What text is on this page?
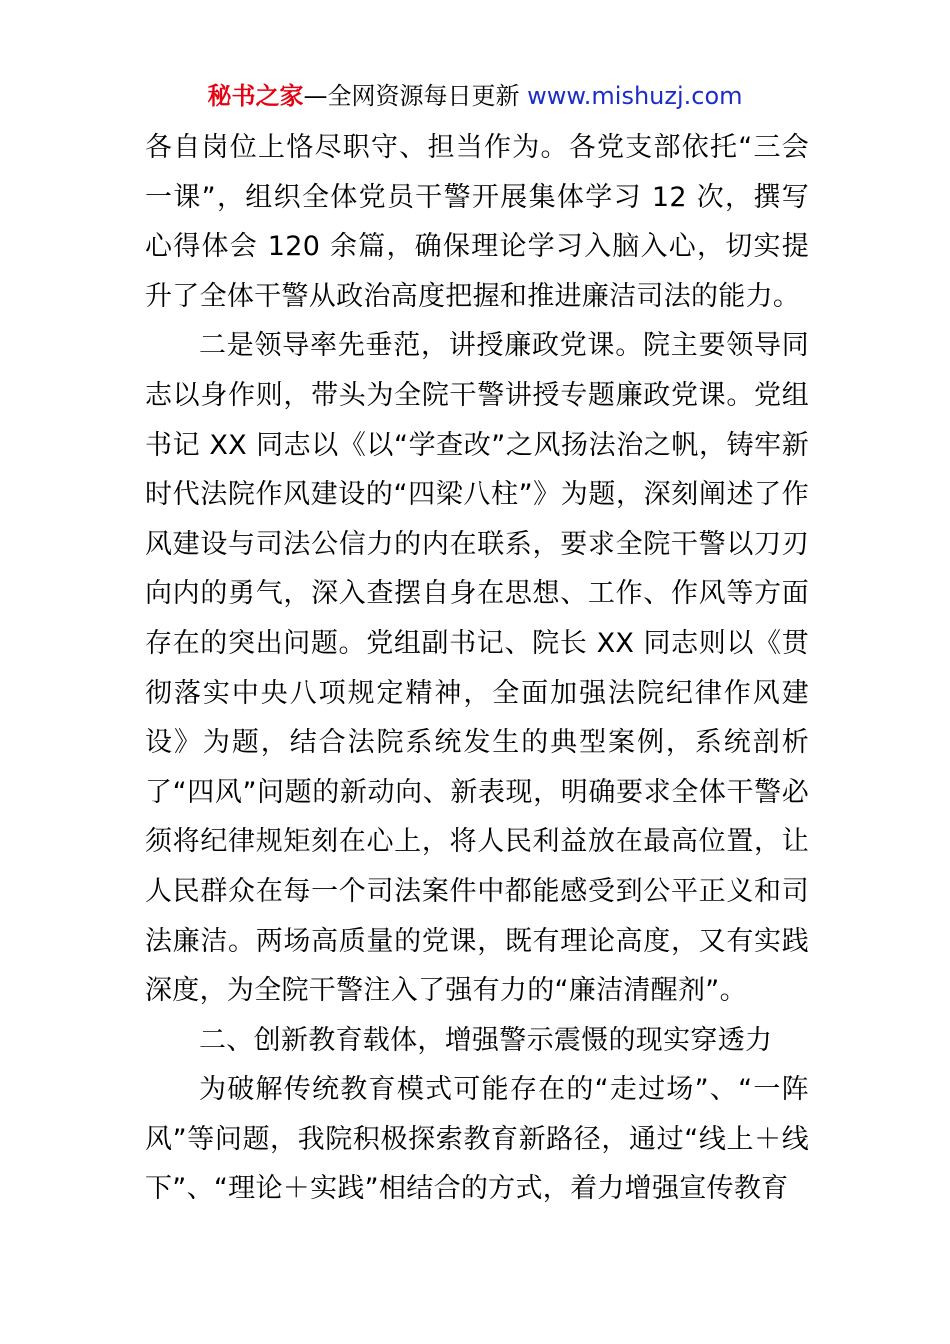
秘书之家—全网资源每日更新 www.mishuzj.com

各自岗位上恪尽职守、担当作为。各党支部依托“三会一课”，组织全体党员干警开展集体学习 12 次，撰写心得体会 120 余篇，确保理论学习入脑入心，切实提升了全体干警从政治高度把握和推进廉洁司法的能力。

二是领导率先垂范，讲授廉政党课。院主要领导同志以身作则，带头为全院干警讲授专题廉政党课。党组书记 XX 同志以《以“学查改”之风扬法治之帆，铸牢新时代法院作风建设的“四梁八柱”》为题，深刻阐述了作风建设与司法公信力的内在联系，要求全院干警以刀刃向内的勇气，深入查摆自身在思想、工作、作风等方面存在的突出问题。党组副书记、院长 XX 同志则以《贯彻落实中央八项规定精神，全面加强法院纪律作风建设》为题，结合法院系统发生的典型案例，系统剖析了“四风”问题的新动向、新表现，明确要求全体干警必须将纪律规矩刻在心上，将人民利益放在最高位置，让人民群众在每一个司法案件中都能感受到公平正义和司法廉洁。两场高质量的党课，既有理论高度，又有实践深度，为全院干警注入了强有力的“廉洁清醒剂”。

二、创新教育载体，增强警示震慑的现实穿透力

为破解传统教育模式可能存在的“走过场”、“一阵风”等问题，我院积极探索教育新路径，通过“线上＋线下”、“理论＋实践”相结合的方式，着力增强宣传教育
